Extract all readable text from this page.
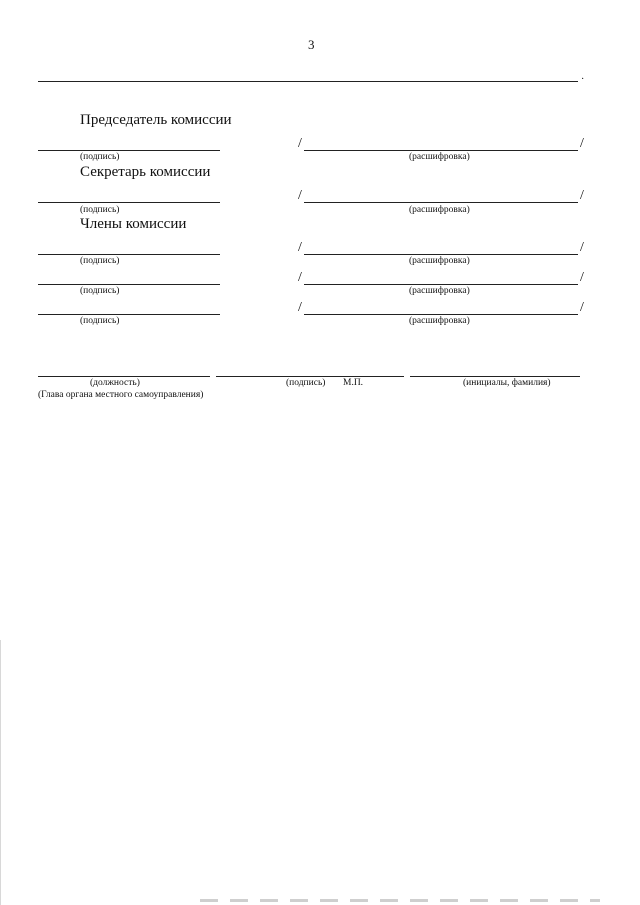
3
·
Председатель комиссии
/	/
(подпись)	(расшифровка)
Секретарь комиссии
/	/
(подпись)	(расшифровка)
Члены комиссии
/	/
(подпись)	(расшифровка)
/	/
(подпись)	(расшифровка)
/	/
(подпись)	(расшифровка)
(должность)	(подпись) М.П.	(инициалы, фамилия)
(Глава органа местного самоуправления)
